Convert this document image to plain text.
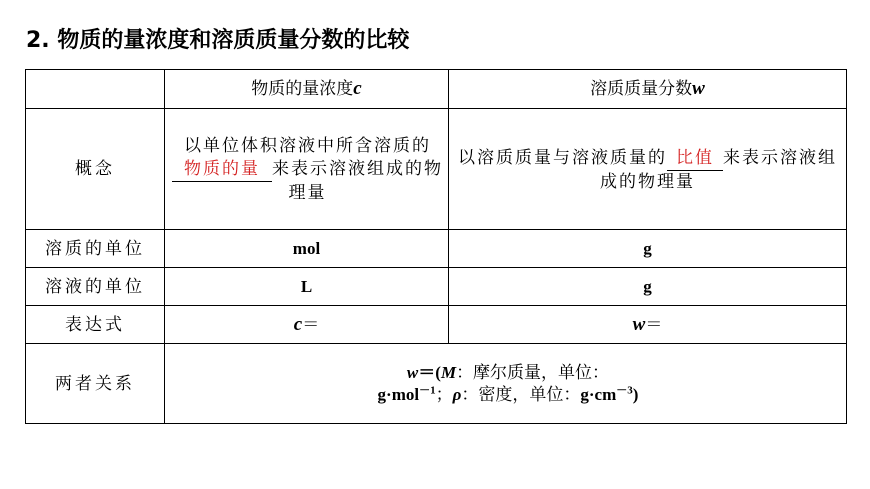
2. 物质的量浓度和溶质质量分数的比较
	物质的量浓度c	溶质质量分数w
概念	以单位体积溶液中所含溶质的物质的量 来表示溶液组成的物理量	以溶质质量与溶液质量的 比值 来表示溶液组成的物理量
溶质的单位	mol	g
溶液的单位	L	g
表达式	c＝	w＝
两者关系	w＝(M：摩尔质量，单位：
g·mol$^{-1}$；ρ：密度，单位：$g\cdot cm^{-3}$)	
